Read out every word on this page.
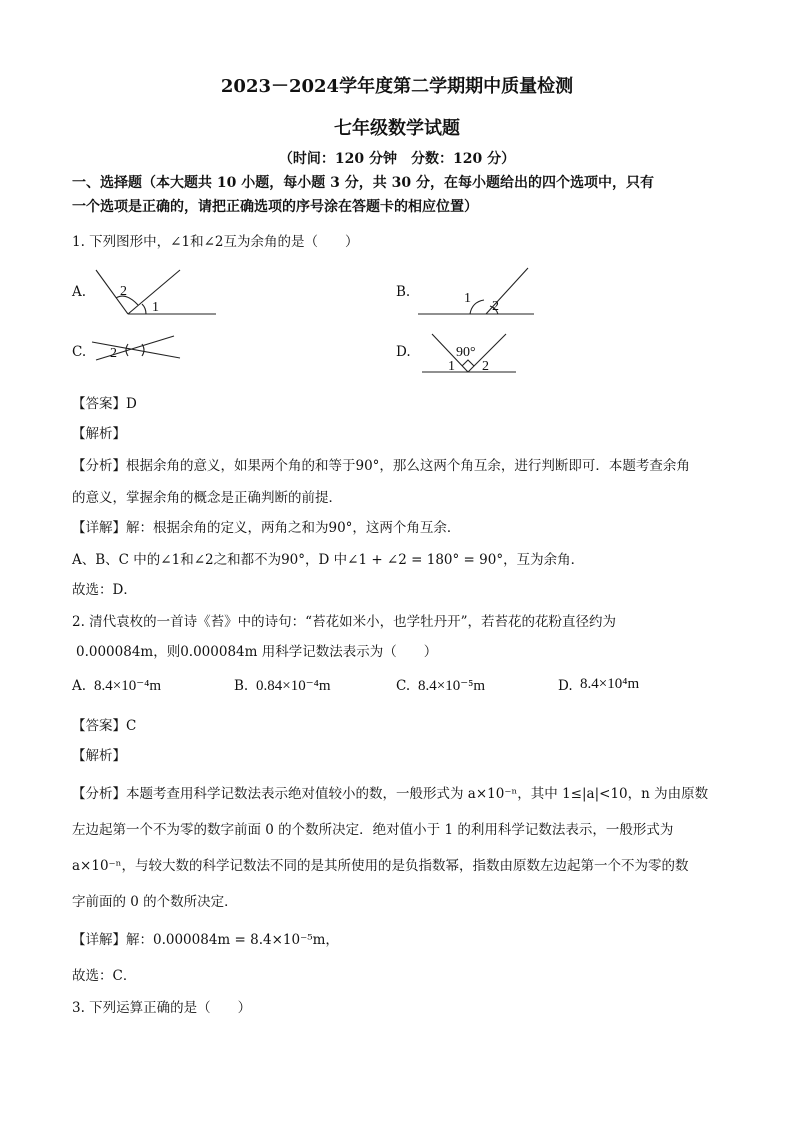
2023－2024学年度第二学期期中质量检测
七年级数学试题
（时间：120 分钟　分数：120 分）
一、选择题（本大题共 10 小题，每小题 3 分，共 30 分，在每小题给出的四个选项中，只有
一个选项是正确的，请把正确选项的序号涂在答题卡的相应位置）
1. 下列图形中，∠1和∠2互为余角的是（　　）
A. 2
1
B.	1
2
C. 2	D.	90°
1 2
【答案】D
【解析】
【分析】根据余角的意义，如果两个角的和等于90°，那么这两个角互余，进行判断即可．本题考查余角
的意义，掌握余角的概念是正确判断的前提．
【详解】解：根据余角的定义，两角之和为90°，这两个角互余．
A、B、C 中的∠1和∠2之和都不为90°，D 中∠1 + ∠2 = 180° = 90°，互为余角．
故选：D．
2. 清代袁枚的一首诗《苔》中的诗句：“苔花如米小，也学牡丹开”，若苔花的花粉直径约为
0.000084m，则0.000084m 用科学记数法表示为（　　）
A. 8.4×10⁻⁴m	B. 0.84×10⁻⁴m	C. 8.4×10⁻⁵m	D. 8.4×10⁴m
【答案】C
【解析】
【分析】本题考查用科学记数法表示绝对值较小的数，一般形式为 a×10⁻ⁿ，其中 1≤|a|<10，n 为由原数
左边起第一个不为零的数字前面 0 的个数所决定．绝对值小于 1 的利用科学记数法表示，一般形式为
a×10⁻ⁿ，与较大数的科学记数法不同的是其所使用的是负指数幂，指数由原数左边起第一个不为零的数
字前面的 0 的个数所决定．
【详解】解：0.000084m = 8.4×10⁻⁵m，
故选：C．
3. 下列运算正确的是（　　）
